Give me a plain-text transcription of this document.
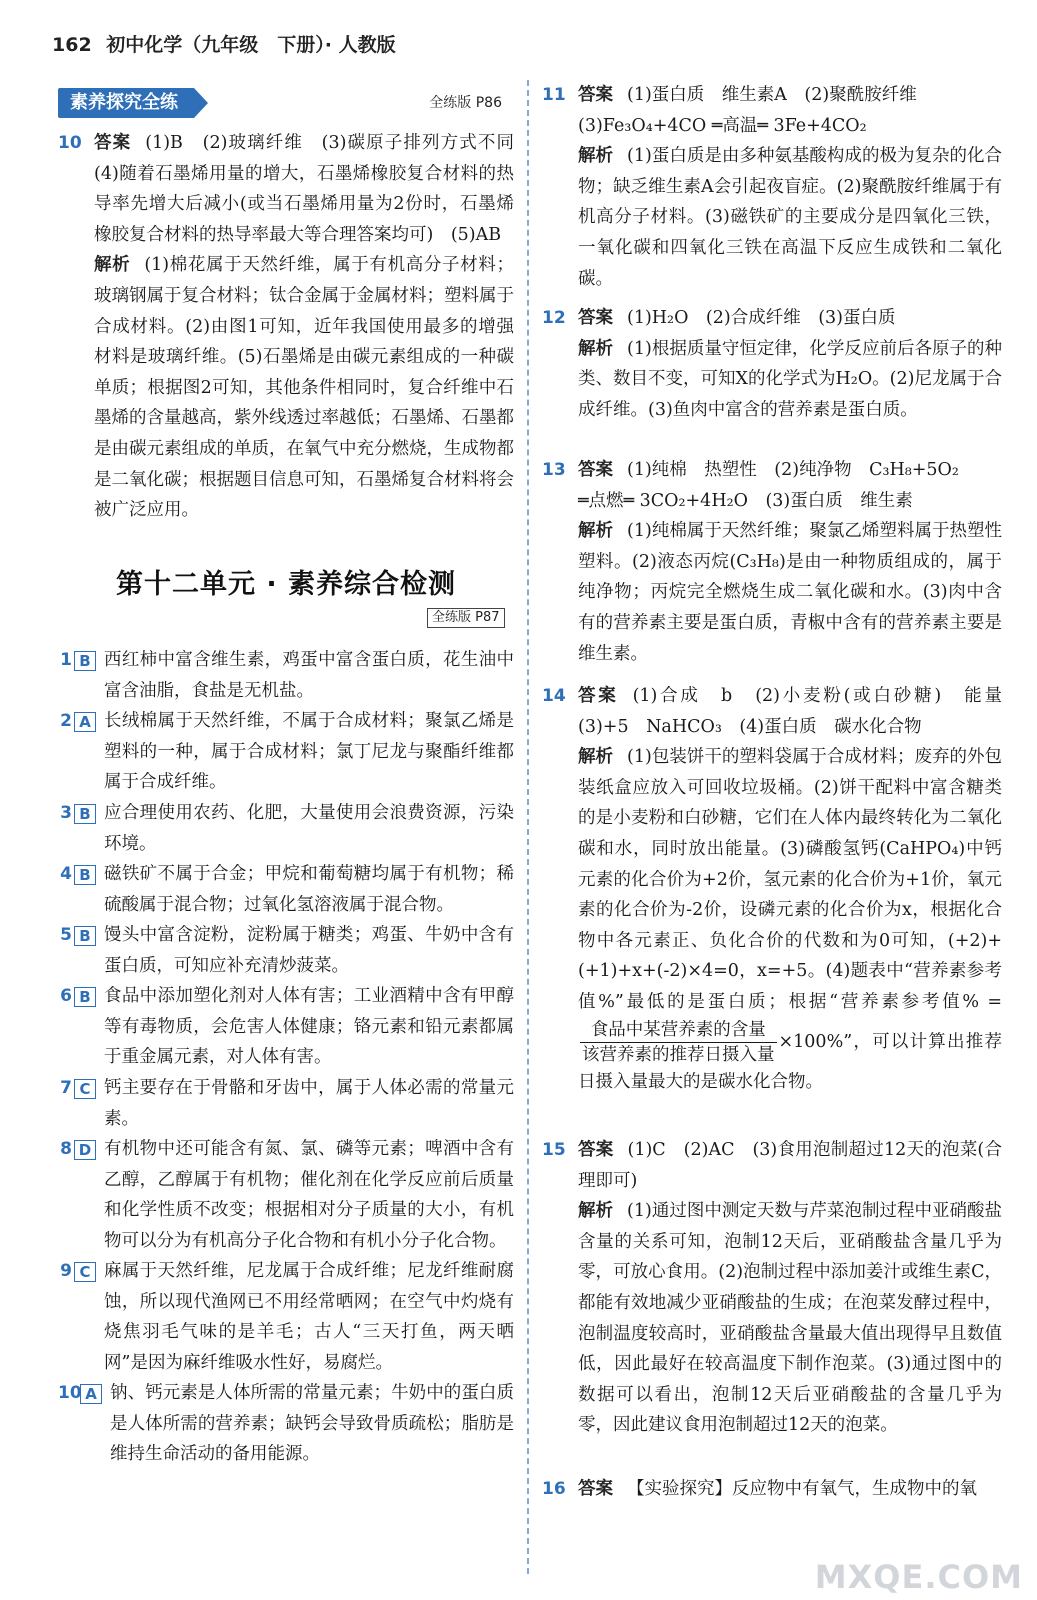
162 初中化学（九年级　下册）· 人教版
素养探究全练	全练版 P86
10 答案 (1)B　(2)玻璃纤维　(3)碳原子排列方式不同　(4)随着石墨烯用量的增大，石墨烯橡胶复合材料的热导率先增大后减小(或当石墨烯用量为2份时，石墨烯橡胶复合材料的热导率最大等合理答案均可)　(5)AB
解析 (1)棉花属于天然纤维，属于有机高分子材料；玻璃钢属于复合材料；钛合金属于金属材料；塑料属于合成材料。(2)由图1可知，近年我国使用最多的增强材料是玻璃纤维。(5)石墨烯是由碳元素组成的一种碳单质；根据图2可知，其他条件相同时，复合纤维中石墨烯的含量越高，紫外线透过率越低；石墨烯、石墨都是由碳元素组成的单质，在氧气中充分燃烧，生成物都是二氧化碳；根据题目信息可知，石墨烯复合材料将会被广泛应用。
第十二单元 · 素养综合检测
全练版 P87
1 B 西红柿中富含维生素，鸡蛋中富含蛋白质，花生油中富含油脂，食盐是无机盐。
2 A 长绒棉属于天然纤维，不属于合成材料；聚氯乙烯是塑料的一种，属于合成材料；氯丁尼龙与聚酯纤维都属于合成纤维。
3 B 应合理使用农药、化肥，大量使用会浪费资源，污染环境。
4 B 磁铁矿不属于合金；甲烷和葡萄糖均属于有机物；稀硫酸属于混合物；过氧化氢溶液属于混合物。
5 B 馒头中富含淀粉，淀粉属于糖类；鸡蛋、牛奶中含有蛋白质，可知应补充清炒菠菜。
6 B 食品中添加塑化剂对人体有害；工业酒精中含有甲醇等有毒物质，会危害人体健康；铬元素和铅元素都属于重金属元素，对人体有害。
7 C 钙主要存在于骨骼和牙齿中，属于人体必需的常量元素。
8 D 有机物中还可能含有氮、氯、磷等元素；啤酒中含有乙醇，乙醇属于有机物；催化剂在化学反应前后质量和化学性质不改变；根据相对分子质量的大小，有机物可以分为有机高分子化合物和有机小分子化合物。
9 C 麻属于天然纤维，尼龙属于合成纤维；尼龙纤维耐腐蚀，所以现代渔网已不用经常晒网；在空气中灼烧有烧焦羽毛气味的是羊毛；古人“三天打鱼，两天晒网”是因为麻纤维吸水性好，易腐烂。
10 A 钠、钙元素是人体所需的常量元素；牛奶中的蛋白质是人体所需的营养素；缺钙会导致骨质疏松；脂肪是维持生命活动的备用能源。
11 答案 (1)蛋白质　维生素A　(2)聚酰胺纤维
(3)Fe₃O₄+4CO ═高温═ 3Fe+4CO₂
解析 (1)蛋白质是由多种氨基酸构成的极为复杂的化合物；缺乏维生素A会引起夜盲症。(2)聚酰胺纤维属于有机高分子材料。(3)磁铁矿的主要成分是四氧化三铁，一氧化碳和四氧化三铁在高温下反应生成铁和二氧化碳。
12 答案 (1)H₂O　(2)合成纤维　(3)蛋白质
解析 (1)根据质量守恒定律，化学反应前后各原子的种类、数目不变，可知X的化学式为H₂O。(2)尼龙属于合成纤维。(3)鱼肉中富含的营养素是蛋白质。
13 答案 (1)纯棉　热塑性　(2)纯净物　C₃H₈+5O₂
═点燃═ 3CO₂+4H₂O　(3)蛋白质　维生素
解析 (1)纯棉属于天然纤维；聚氯乙烯塑料属于热塑性塑料。(2)液态丙烷(C₃H₈)是由一种物质组成的，属于纯净物；丙烷完全燃烧生成二氧化碳和水。(3)肉中含有的营养素主要是蛋白质，青椒中含有的营养素主要是维生素。
14 答案 (1)合成　b　(2)小麦粉(或白砂糖)　能量　(3)+5　NaHCO₃　(4)蛋白质　碳水化合物
解析 (1)包装饼干的塑料袋属于合成材料；废弃的外包装纸盒应放入可回收垃圾桶。(2)饼干配料中富含糖类的是小麦粉和白砂糖，它们在人体内最终转化为二氧化碳和水，同时放出能量。(3)磷酸氢钙(CaHPO₄)中钙元素的化合价为+2价，氢元素的化合价为+1价，氧元素的化合价为-2价，设磷元素的化合价为x，根据化合物中各元素正、负化合价的代数和为0可知，(+2)+(+1)+x+(-2)×4=0，x=+5。(4)题表中“营养素参考值%”最低的是蛋白质；根据“营养素参考值% =
食品中某营养素的含量
该营养素的推荐日摄入量
×100%”，可以计算出推荐日摄入量最大的是碳水化合物。
15 答案 (1)C　(2)AC　(3)食用泡制超过12天的泡菜(合理即可)
解析 (1)通过图中测定天数与芹菜泡制过程中亚硝酸盐含量的关系可知，泡制12天后，亚硝酸盐含量几乎为零，可放心食用。(2)泡制过程中添加姜汁或维生素C，都能有效地减少亚硝酸盐的生成；在泡菜发酵过程中，泡制温度较高时，亚硝酸盐含量最大值出现得早且数值低，因此最好在较高温度下制作泡菜。(3)通过图中的数据可以看出，泡制12天后亚硝酸盐的含量几乎为零，因此建议食用泡制超过12天的泡菜。
16 答案 【实验探究】反应物中有氧气，生成物中的氧
MXQE.COM
